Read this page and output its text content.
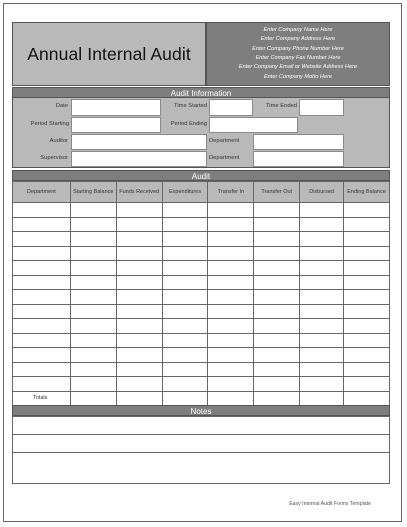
Annual Internal Audit
Enter Company Name Here
Enter Company Address Here
Enter Company Phone Number Here
Enter Company Fax Number Here
Enter Company Email or Website Address Here
Enter Company Motto Here
Audit Information
Date	Time Started	Time Ended
Period Starting	Period Ending
Auditor	Department
Supervisor	Department
Audit
Department	Starting Balance	Funds Received	Expenditures	Transfer In	Transfer Out	Disbursed	Ending Balance

Totals							
Notes

Easy Internal Audit Forms Template
